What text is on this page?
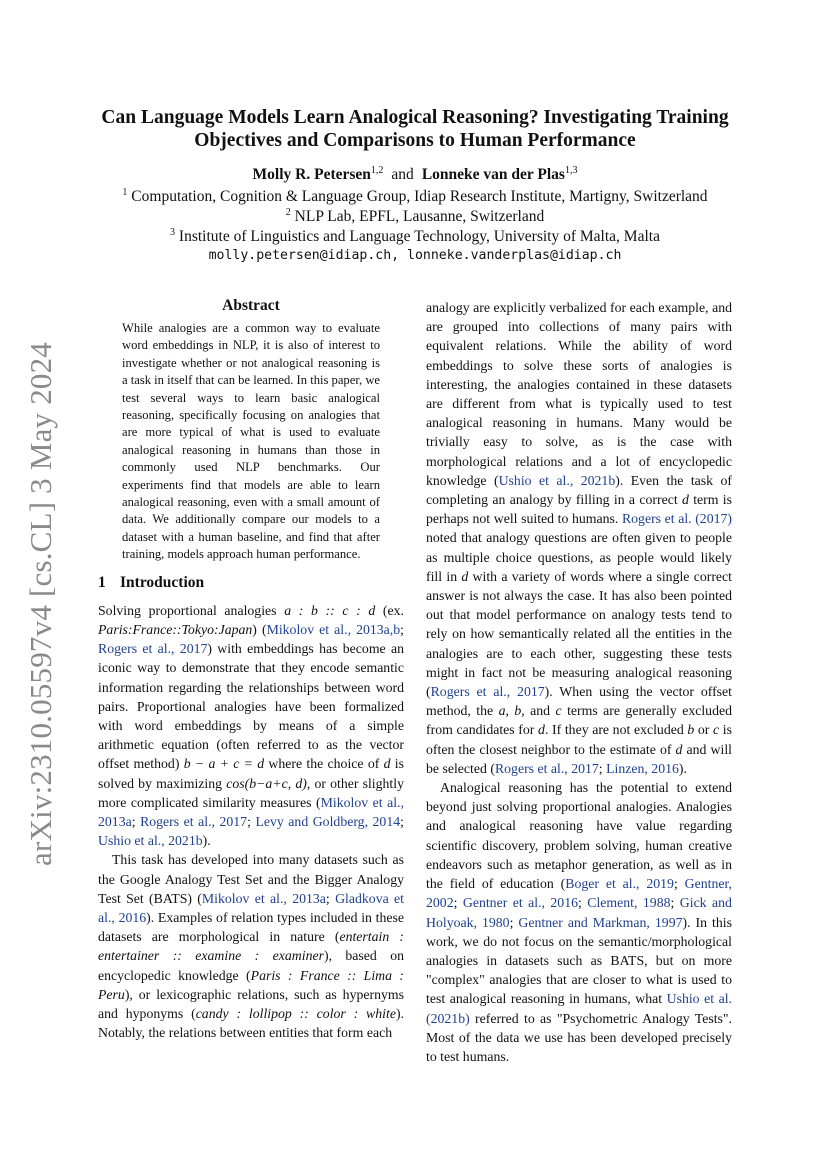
arXiv:2310.05597v4 [cs.CL] 3 May 2024
Can Language Models Learn Analogical Reasoning? Investigating Training
Objectives and Comparisons to Human Performance
Molly R. Petersen$^{1,2}$ and Lonneke van der Plas$^{1,3}$
$^1$ Computation, Cognition & Language Group, Idiap Research Institute, Martigny, Switzerland
$^2$ NLP Lab, EPFL, Lausanne, Switzerland
$^3$ Institute of Linguistics and Language Technology, University of Malta, Malta
molly.petersen@idiap.ch, lonneke.vanderplas@idiap.ch
Abstract

While analogies are a common way to evaluate word embeddings in NLP, it is also of interest to investigate whether or not analogical reasoning is a task in itself that can be learned. In this paper, we test several ways to learn basic analogical reasoning, specifically focusing on analogies that are more typical of what is used to evaluate analogical reasoning in humans than those in commonly used NLP benchmarks. Our experiments find that models are able to learn analogical reasoning, even with a small amount of data. We additionally compare our models to a dataset with a human baseline, and find that after training, models approach human performance.

1 Introduction

Solving proportional analogies a : b :: c : d (ex. Paris:France::Tokyo:Japan) (Mikolov et al., 2013a,b; Rogers et al., 2017) with embeddings has become an iconic way to demonstrate that they encode semantic information regarding the relationships between word pairs. Proportional analogies have been formalized with word embeddings by means of a simple arithmetic equation (often referred to as the vector offset method) b − a + c = d where the choice of d is solved by maximizing cos(b−a+c, d), or other slightly more complicated similarity measures (Mikolov et al., 2013a; Rogers et al., 2017; Levy and Goldberg, 2014; Ushio et al., 2021b).

This task has developed into many datasets such as the Google Analogy Test Set and the Bigger Analogy Test Set (BATS) (Mikolov et al., 2013a; Gladkova et al., 2016). Examples of relation types included in these datasets are morphological in nature (entertain : entertainer :: examine : examiner), based on encyclopedic knowledge (Paris : France :: Lima : Peru), or lexicographic relations, such as hypernyms and hyponyms (candy : lollipop :: color : white). Notably, the relations between entities that form each

analogy are explicitly verbalized for each example, and are grouped into collections of many pairs with equivalent relations. While the ability of word embeddings to solve these sorts of analogies is interesting, the analogies contained in these datasets are different from what is typically used to test analogical reasoning in humans. Many would be trivially easy to solve, as is the case with morphological relations and a lot of encyclopedic knowledge (Ushio et al., 2021b). Even the task of completing an analogy by filling in a correct d term is perhaps not well suited to humans. Rogers et al. (2017) noted that analogy questions are often given to people as multiple choice questions, as people would likely fill in d with a variety of words where a single correct answer is not always the case. It has also been pointed out that model performance on analogy tests tend to rely on how semantically related all the entities in the analogies are to each other, suggesting these tests might in fact not be measuring analogical reasoning (Rogers et al., 2017). When using the vector offset method, the a, b, and c terms are generally excluded from candidates for d. If they are not excluded b or c is often the closest neighbor to the estimate of d and will be selected (Rogers et al., 2017; Linzen, 2016).

Analogical reasoning has the potential to extend beyond just solving proportional analogies. Analogies and analogical reasoning have value regarding scientific discovery, problem solving, human creative endeavors such as metaphor generation, as well as in the field of education (Boger et al., 2019; Gentner, 2002; Gentner et al., 2016; Clement, 1988; Gick and Holyoak, 1980; Gentner and Markman, 1997). In this work, we do not focus on the semantic/morphological analogies in datasets such as BATS, but on more "complex" analogies that are closer to what is used to test analogical reasoning in humans, what Ushio et al. (2021b) referred to as "Psychometric Analogy Tests". Most of the data we use has been developed precisely to test humans.
